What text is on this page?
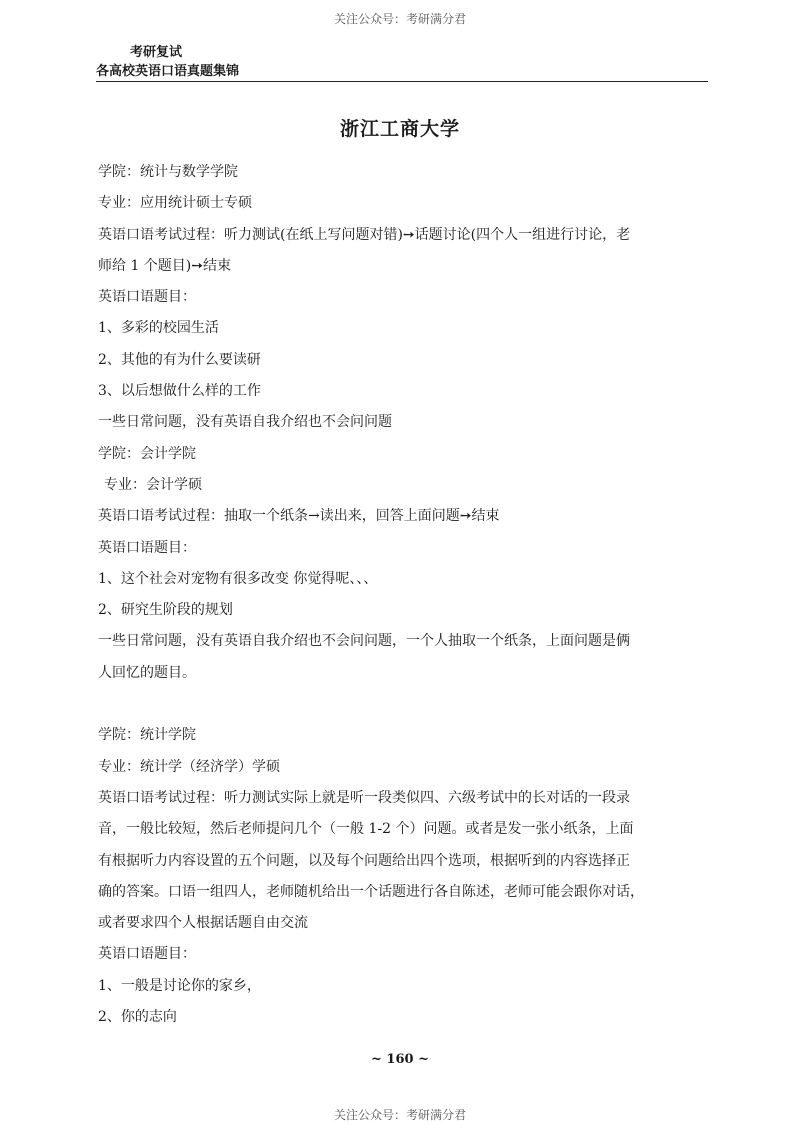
关注公众号：考研满分君
考研复试
各高校英语口语真题集锦
浙江工商大学
学院：统计与数学学院
专业：应用统计硕士专硕
英语口语考试过程：听力测试(在纸上写问题对错)➙话题讨论(四个人一组进行讨论，老
师给 1 个题目)➙结束
英语口语题目：
1、多彩的校园生活
2、其他的有为什么要读研
3、以后想做什么样的工作
一些日常问题，没有英语自我介绍也不会问问题
学院：会计学院
专业：会计学硕
英语口语考试过程：抽取一个纸条→读出来，回答上面问题➙结束
英语口语题目：
1、这个社会对宠物有很多改变 你觉得呢、、、
2、研究生阶段的规划
一些日常问题，没有英语自我介绍也不会问问题，一个人抽取一个纸条，上面问题是俩
人回忆的题目。
学院：统计学院
专业：统计学（经济学）学硕
英语口语考试过程：听力测试实际上就是听一段类似四、六级考试中的长对话的一段录
音，一般比较短，然后老师提问几个（一般 1-2 个）问题。或者是发一张小纸条，上面
有根据听力内容设置的五个问题，以及每个问题给出四个选项，根据听到的内容选择正
确的答案。口语一组四人，老师随机给出一个话题进行各自陈述，老师可能会跟你对话，
或者要求四个人根据话题自由交流
英语口语题目：
1、一般是讨论你的家乡，
2、你的志向
~ 160 ~
关注公众号：考研满分君
